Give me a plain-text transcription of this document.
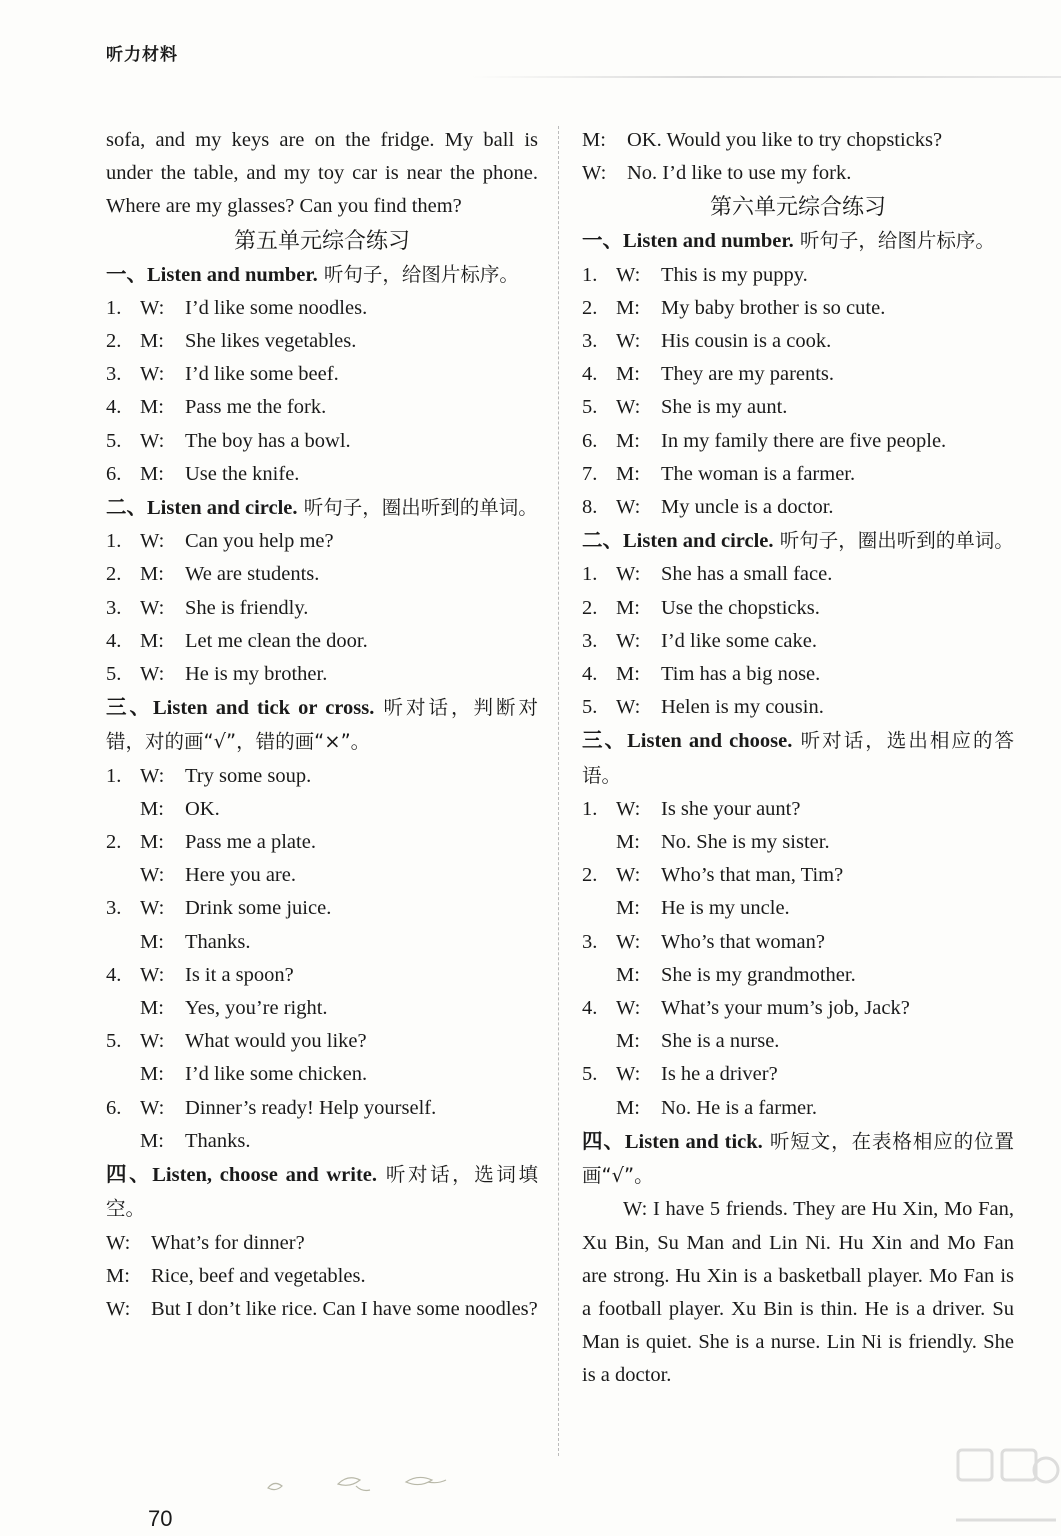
听力材料

sofa, and my keys are on the fridge. My ball is under the table, and my toy car is near the phone. Where are my glasses? Can you find them?

第五单元综合练习

一、Listen and number. 听句子，给图片标序。

1. W:	I’d like some noodles.
2. M:	She likes vegetables.
3. W:	I’d like some beef.
4. M:	Pass me the fork.
5. W:	The boy has a bowl.
6. M:	Use the knife.

二、Listen and circle. 听句子，圈出听到的单词。

1. W:	Can you help me?
2. M:	We are students.
3. W:	She is friendly.
4. M:	Let me clean the door.
5. W:	He is my brother.

三、Listen and tick or cross. 听对话，判断对错，对的画“√”，错的画“×”。

1. W:	Try some soup.
M:	OK.
2. M:	Pass me a plate.
W:	Here you are.
3. W:	Drink some juice.
M:	Thanks.
4. W:	Is it a spoon?
M:	Yes, you’re right.
5. W:	What would you like?
M:	I’d like some chicken.
6. W:	Dinner’s ready! Help yourself.
M:	Thanks.

四、Listen, choose and write. 听对话，选词填空。

W:	What’s for dinner?
M:	Rice, beef and vegetables.
W:	But I don’t like rice. Can I have some noodles?
M:	OK. Would you like to try chopsticks?
W:	No. I’d like to use my fork.
第六单元综合练习

一、Listen and number. 听句子，给图片标序。

1. W:	This is my puppy.
2. M:	My baby brother is so cute.
3. W:	His cousin is a cook.
4. M:	They are my parents.
5. W:	She is my aunt.
6. M:	In my family there are five people.
7. M:	The woman is a farmer.
8. W:	My uncle is a doctor.

二、Listen and circle. 听句子，圈出听到的单词。

1. W:	She has a small face.
2. M:	Use the chopsticks.
3. W:	I’d like some cake.
4. M:	Tim has a big nose.
5. W:	Helen is my cousin.

三、Listen and choose. 听对话，选出相应的答语。

1. W:	Is she your aunt?
M:	No. She is my sister.
2. W:	Who’s that man, Tim?
M:	He is my uncle.
3. W:	Who’s that woman?
M:	She is my grandmother.
4. W:	What’s your mum’s job, Jack?
M:	She is a nurse.
5. W:	Is he a driver?
M:	No. He is a farmer.

四、Listen and tick. 听短文，在表格相应的位置画“√”。

W: I have 5 friends. They are Hu Xin, Mo Fan, Xu Bin, Su Man and Lin Ni. Hu Xin and Mo Fan are strong. Hu Xin is a basketball player. Mo Fan is a football player. Xu Bin is thin. He is a driver. Su Man is quiet. She is a nurse. Lin Ni is friendly. She is a doctor.

70
